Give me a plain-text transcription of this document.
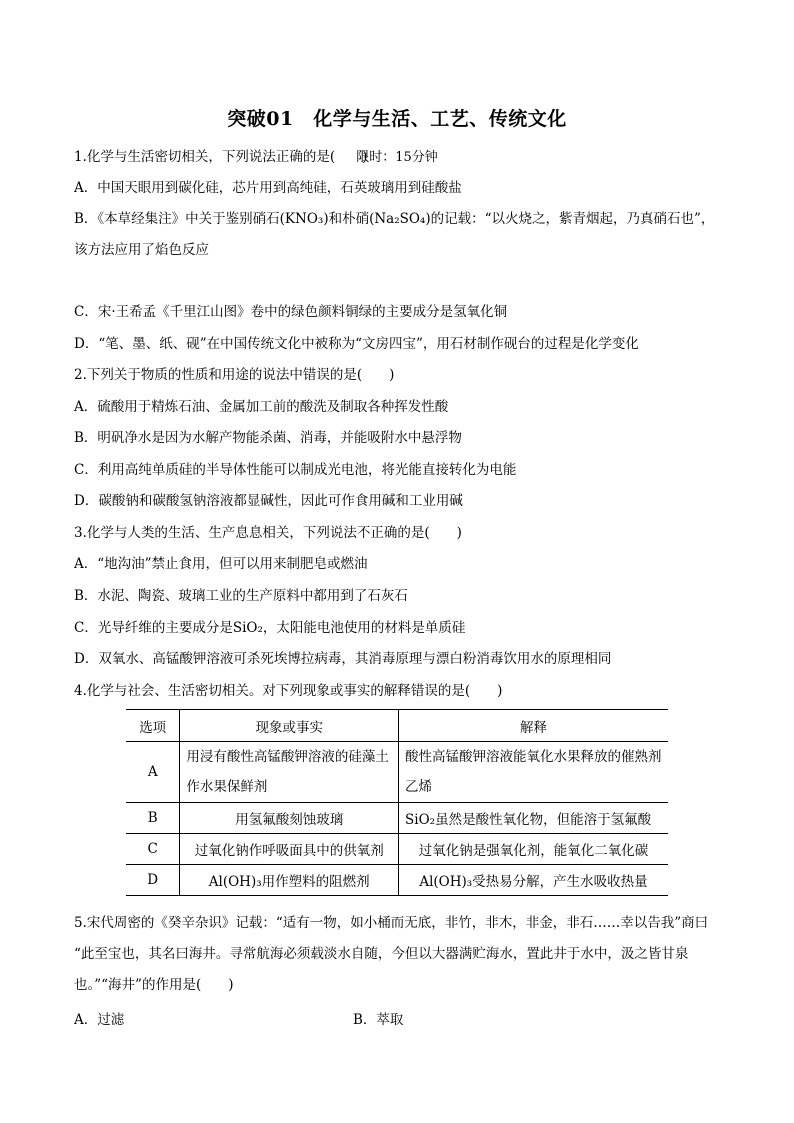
突破01　化学与生活、工艺、传统文化
限时：15分钟
1.化学与生活密切相关，下列说法正确的是(　　)
A．中国天眼用到碳化硅，芯片用到高纯硅，石英玻璃用到硅酸盐
B．《本草经集注》中关于鉴别硝石(KNO₃)和朴硝(Na₂SO₄)的记载：“以火烧之，紫青烟起，乃真硝石也”，
该方法应用了焰色反应
C．宋·王希孟《千里江山图》卷中的绿色颜料铜绿的主要成分是氢氧化铜
D．“笔、墨、纸、砚”在中国传统文化中被称为“文房四宝”，用石材制作砚台的过程是化学变化
2.下列关于物质的性质和用途的说法中错误的是(　　)
A．硫酸用于精炼石油、金属加工前的酸洗及制取各种挥发性酸
B．明矾净水是因为水解产物能杀菌、消毒，并能吸附水中悬浮物
C．利用高纯单质硅的半导体性能可以制成光电池，将光能直接转化为电能
D．碳酸钠和碳酸氢钠溶液都显碱性，因此可作食用碱和工业用碱
3.化学与人类的生活、生产息息相关，下列说法不正确的是(　　)
A．“地沟油”禁止食用，但可以用来制肥皂或燃油
B．水泥、陶瓷、玻璃工业的生产原料中都用到了石灰石
C．光导纤维的主要成分是SiO₂，太阳能电池使用的材料是单质硅
D．双氧水、高锰酸钾溶液可杀死埃博拉病毒，其消毒原理与漂白粉消毒饮用水的原理相同
4.化学与社会、生活密切相关。对下列现象或事实的解释错误的是(　　)
选项	现象或事实	解释
A	用浸有酸性高锰酸钾溶液的硅藻土作水果保鲜剂	酸性高锰酸钾溶液能氧化水果释放的催熟剂乙烯
B	用氢氟酸刻蚀玻璃	SiO₂虽然是酸性氧化物，但能溶于氢氟酸
C	过氧化钠作呼吸面具中的供氧剂	过氧化钠是强氧化剂，能氧化二氧化碳
D	Al(OH)₃用作塑料的阻燃剂	Al(OH)₃受热易分解，产生水吸收热量
5.宋代周密的《癸辛杂识》记载：“适有一物，如小桶而无底，非竹，非木，非金，非石……幸以告我”商曰
“此至宝也，其名曰海井。寻常航海必须载淡水自随，今但以大器满贮海水，置此井于水中，汲之皆甘泉
也。”“海井”的作用是(　　)
A．过滤	B．萃取
